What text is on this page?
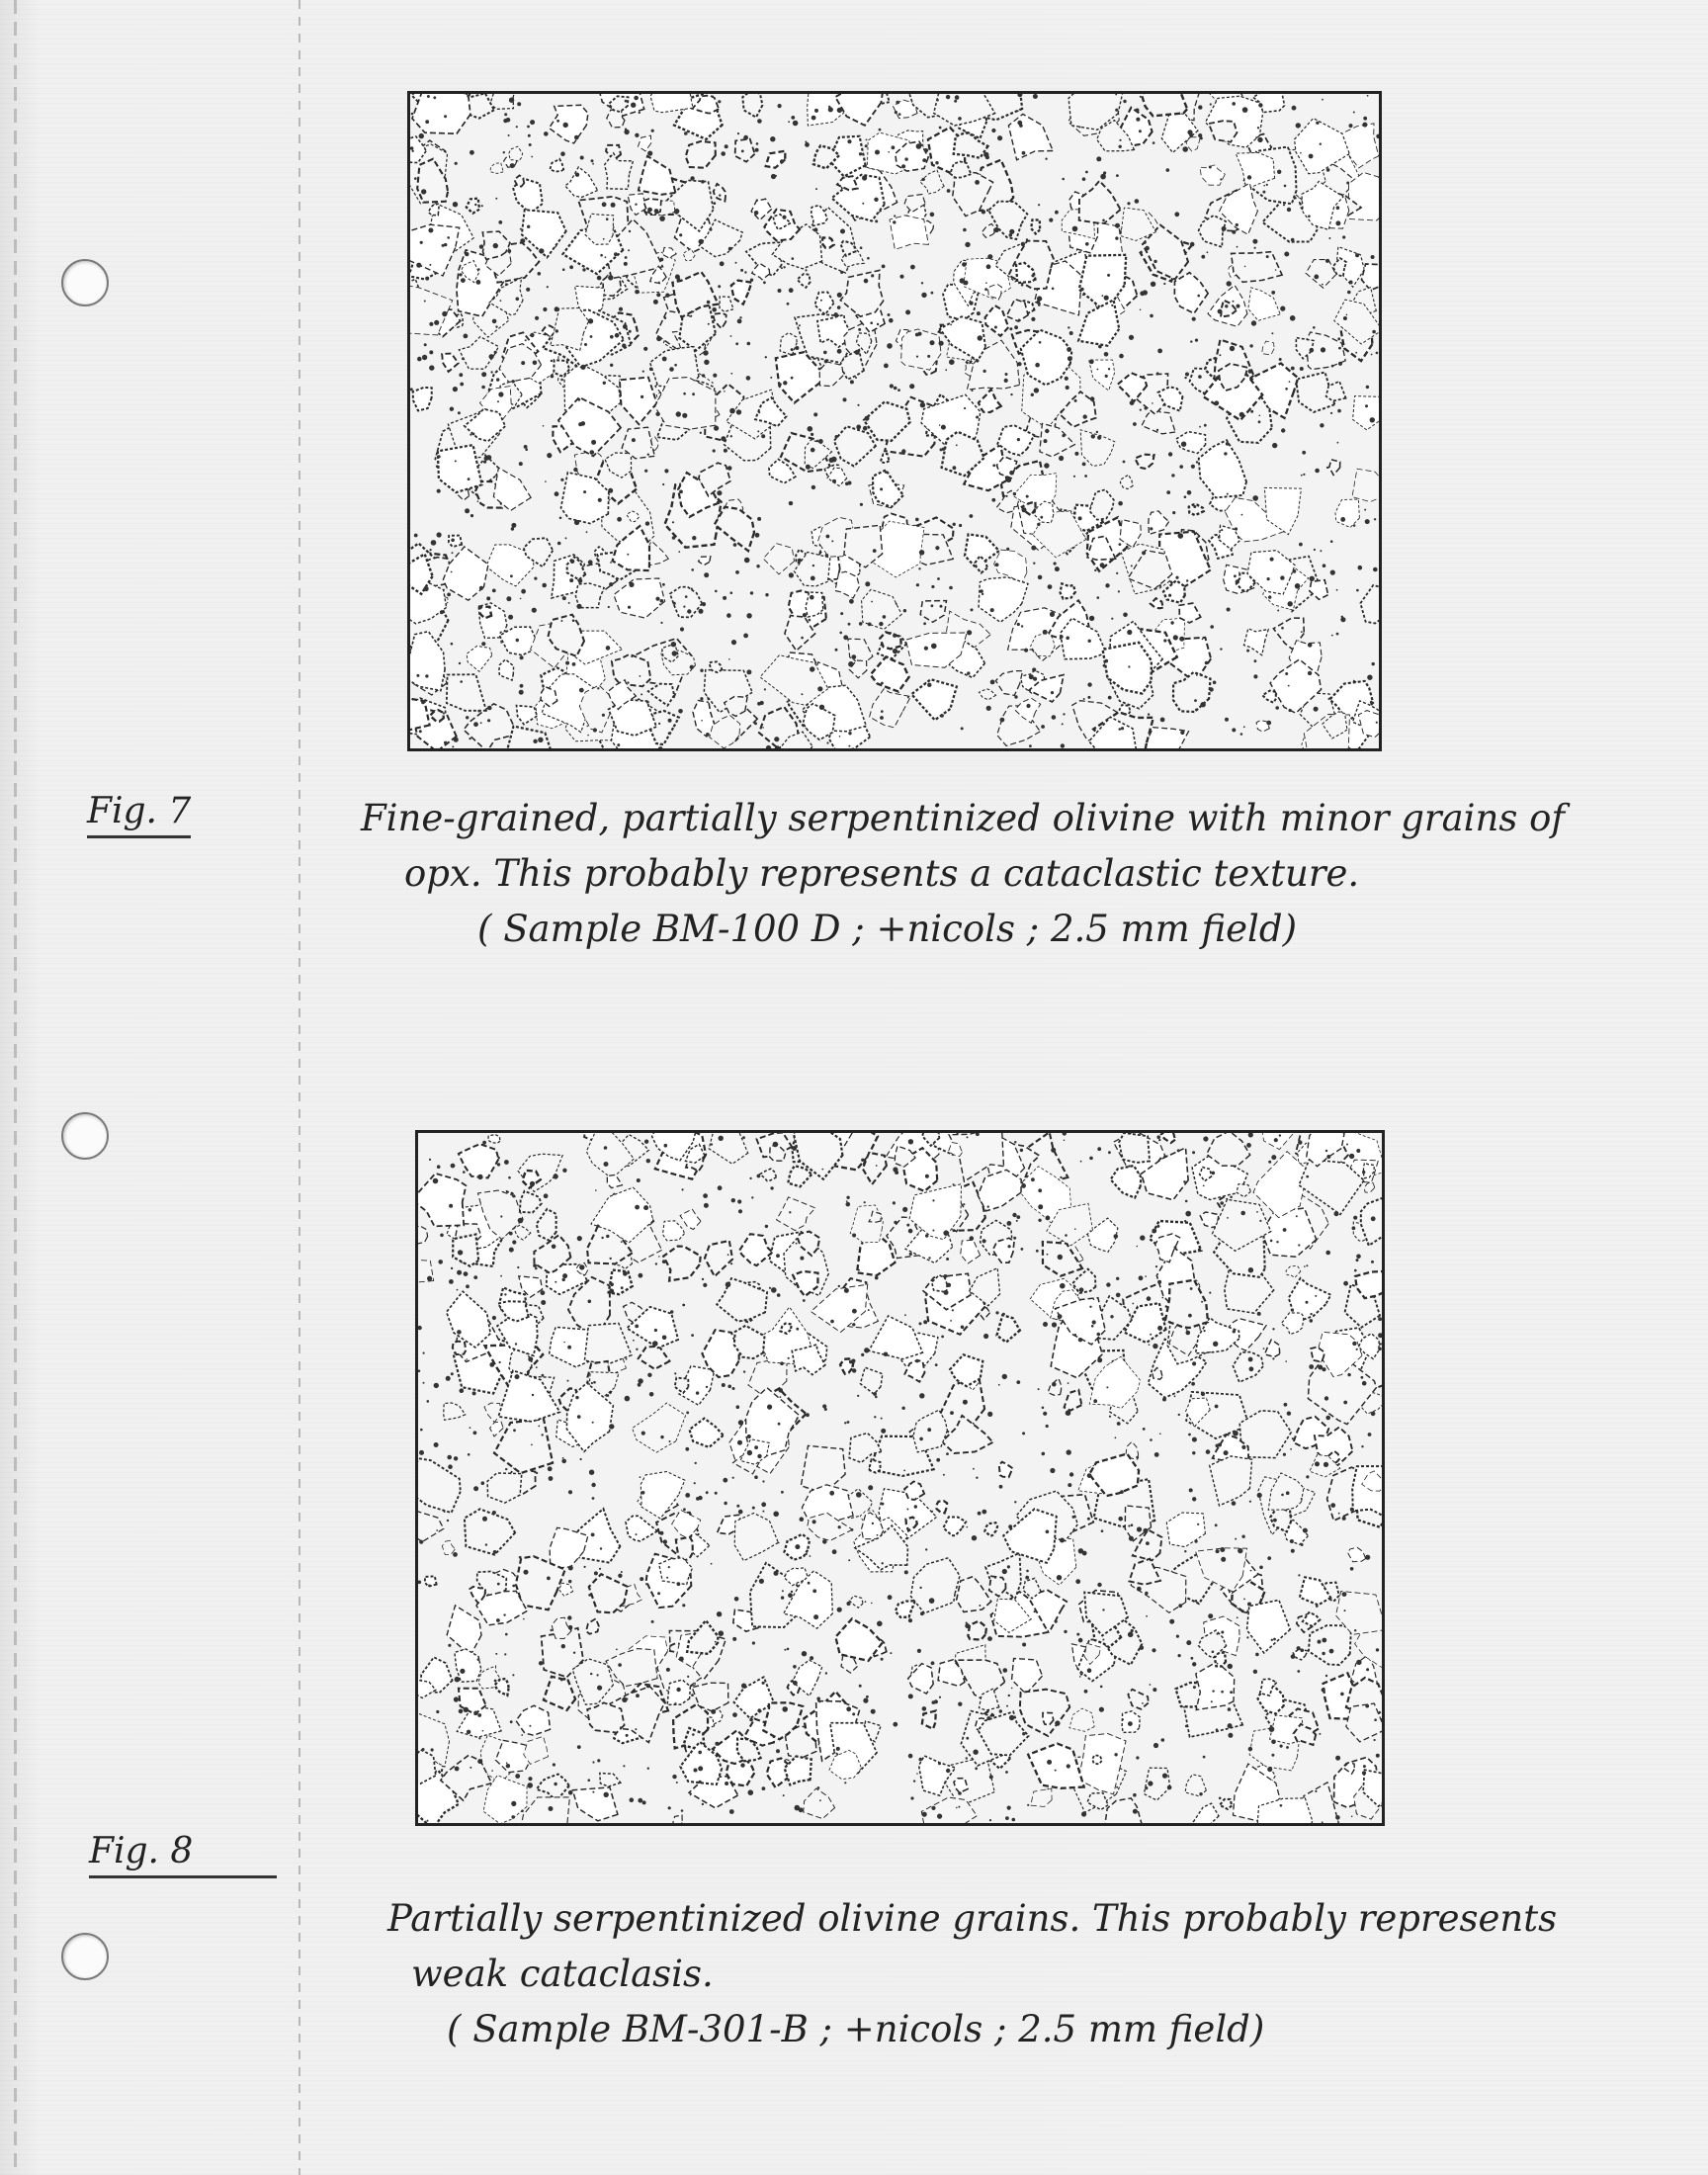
Fig. 7	Fine-grained, partially serpentinized olivine with minor grains of
opx. This probably represents a cataclastic texture.
( Sample BM-100 D ; +nicols ; 2.5 mm field)
Fig. 8
Partially serpentinized olivine grains. This probably represents
weak cataclasis.
( Sample BM-301-B ; +nicols ; 2.5 mm field)
